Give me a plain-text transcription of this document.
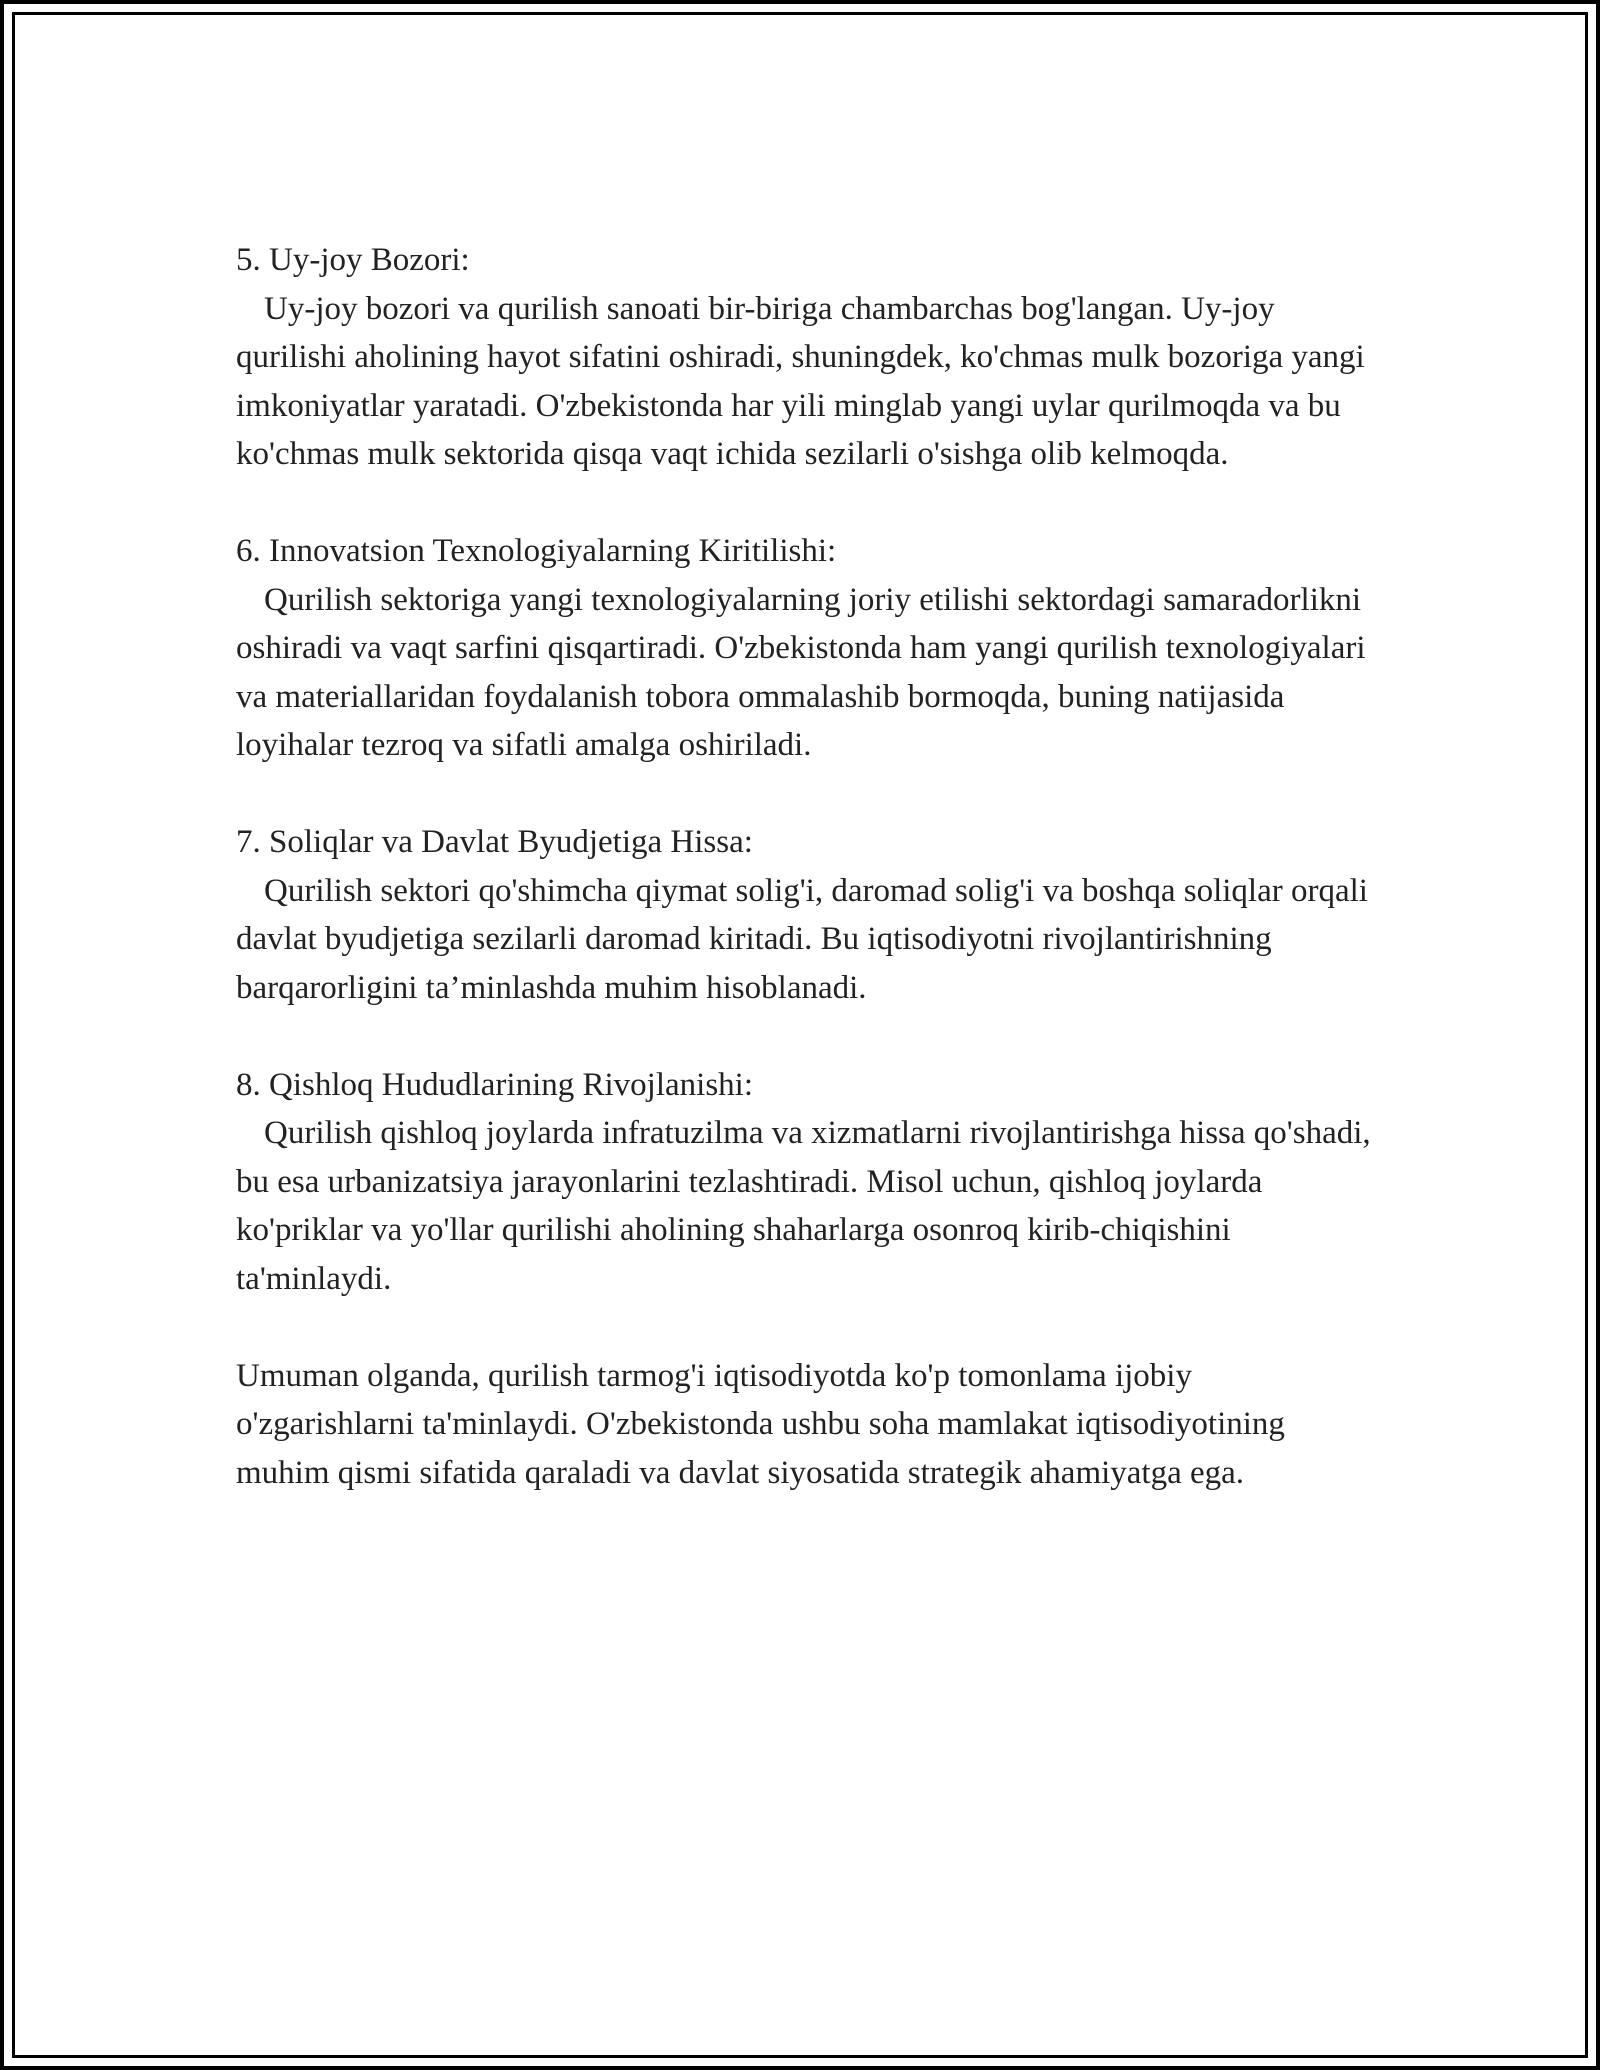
5. Uy-joy Bozori:

Uy-joy bozori va qurilish sanoati bir-biriga chambarchas bog'langan. Uy-joy qurilishi aholining hayot sifatini oshiradi, shuningdek, ko'chmas mulk bozoriga yangi imkoniyatlar yaratadi. O'zbekistonda har yili minglab yangi uylar qurilmoqda va bu ko'chmas mulk sektorida qisqa vaqt ichida sezilarli o'sishga olib kelmoqda.

6. Innovatsion Texnologiyalarning Kiritilishi:

Qurilish sektoriga yangi texnologiyalarning joriy etilishi sektordagi samaradorlikni oshiradi va vaqt sarfini qisqartiradi. O'zbekistonda ham yangi qurilish texnologiyalari va materiallaridan foydalanish tobora ommalashib bormoqda, buning natijasida loyihalar tezroq va sifatli amalga oshiriladi.

7. Soliqlar va Davlat Byudjetiga Hissa:

Qurilish sektori qo'shimcha qiymat solig'i, daromad solig'i va boshqa soliqlar orqali davlat byudjetiga sezilarli daromad kiritadi. Bu iqtisodiyotni rivojlantirishning barqarorligini ta’minlashda muhim hisoblanadi.

8. Qishloq Hududlarining Rivojlanishi:

Qurilish qishloq joylarda infratuzilma va xizmatlarni rivojlantirishga hissa qo'shadi, bu esa urbanizatsiya jarayonlarini tezlashtiradi. Misol uchun, qishloq joylarda ko'priklar va yo'llar qurilishi aholining shaharlarga osonroq kirib-chiqishini ta'minlaydi.

Umuman olganda, qurilish tarmog'i iqtisodiyotda ko'p tomonlama ijobiy o'zgarishlarni ta'minlaydi. O'zbekistonda ushbu soha mamlakat iqtisodiyotining muhim qismi sifatida qaraladi va davlat siyosatida strategik ahamiyatga ega.
